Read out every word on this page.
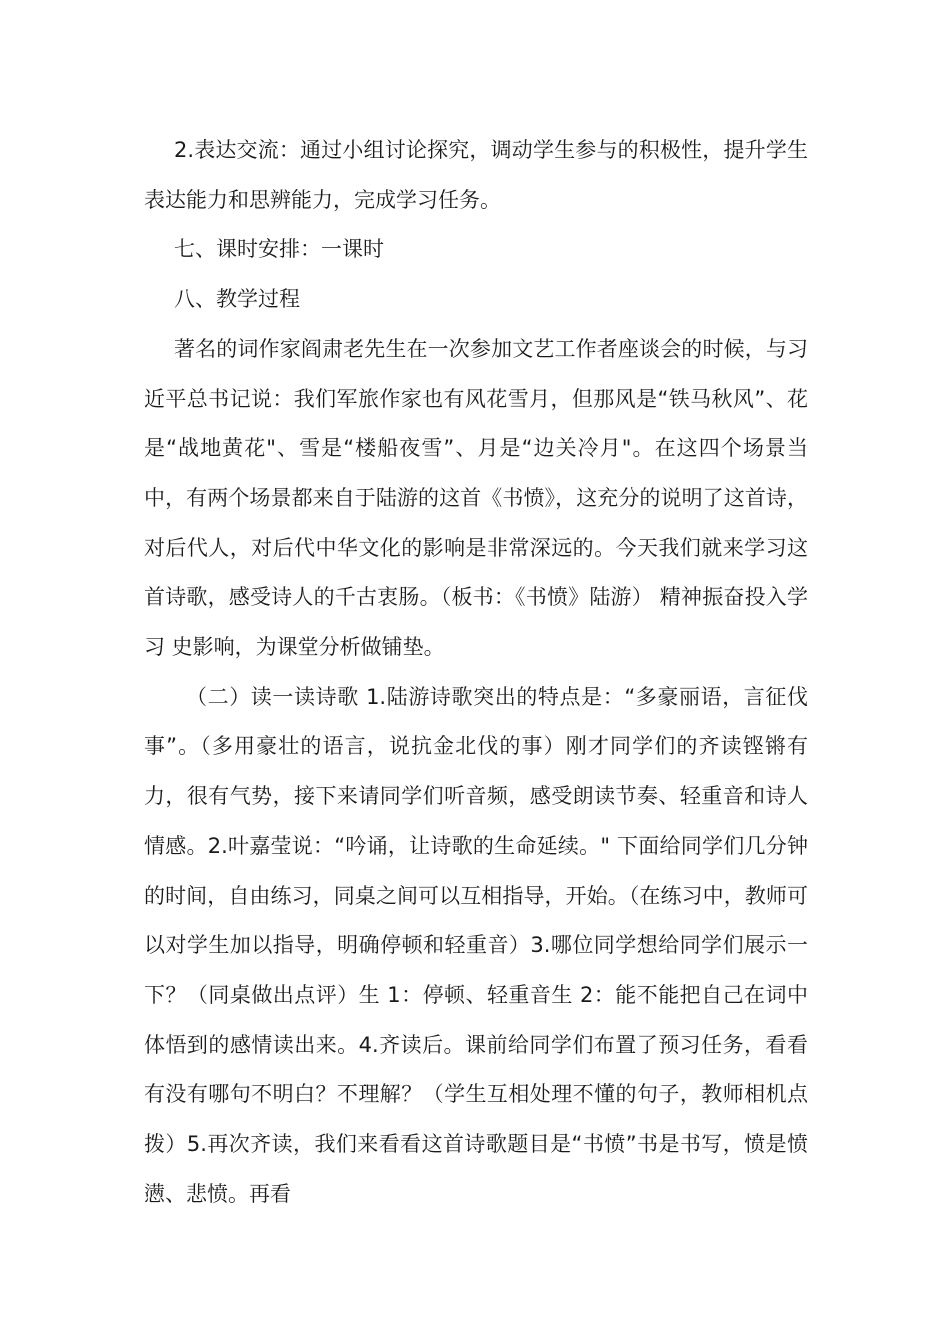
2.表达交流：通过小组讨论探究，调动学生参与的积极性，提升学生表达能力和思辨能力，完成学习任务。

七、课时安排：一课时

八、教学过程

著名的词作家阎肃老先生在一次参加文艺工作者座谈会的时候，与习近平总书记说：我们军旅作家也有风花雪月，但那风是“铁马秋风”、花是“战地黄花"、雪是“楼船夜雪”、月是“边关冷月"。在这四个场景当中，有两个场景都来自于陆游的这首《书愤》，这充分的说明了这首诗，对后代人，对后代中华文化的影响是非常深远的。今天我们就来学习这首诗歌，感受诗人的千古衷肠。（板书：《书愤》陆游） 精神振奋投入学习 史影响，为课堂分析做铺垫。

（二）读一读诗歌 1.陆游诗歌突出的特点是：“多豪丽语，言征伐事”。（多用豪壮的语言，说抗金北伐的事）刚才同学们的齐读铿锵有力，很有气势，接下来请同学们听音频，感受朗读节奏、轻重音和诗人情感。2.叶嘉莹说：“吟诵，让诗歌的生命延续。" 下面给同学们几分钟的时间，自由练习，同桌之间可以互相指导，开始。（在练习中，教师可以对学生加以指导，明确停顿和轻重音）3.哪位同学想给同学们展示一下？（同桌做出点评）生 1：停顿、轻重音生 2：能不能把自己在词中体悟到的感情读出来。4.齐读后。课前给同学们布置了预习任务，看看有没有哪句不明白？不理解？（学生互相处理不懂的句子，教师相机点拨）5.再次齐读，我们来看看这首诗歌题目是“书愤”书是书写，愤是愤懑、悲愤。再看
